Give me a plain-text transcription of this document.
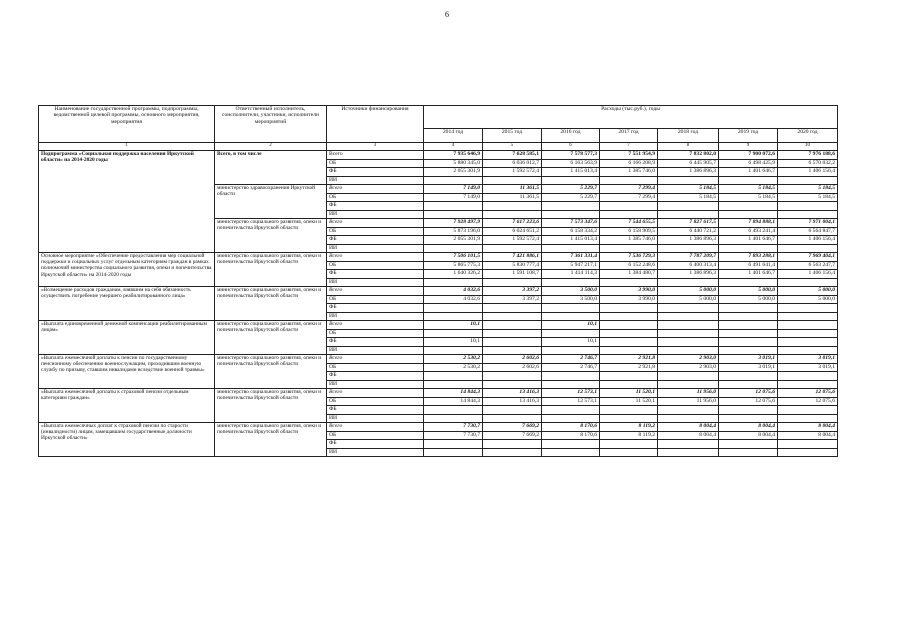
6
Наименование государственной программы, подпрограммы, ведомственной целевой программы, основного мероприятия, мероприятия	Ответственный исполнитель, соисполнители, участники, исполнители мероприятий	Источники финансирования	Расходы (тыс.руб.), годы						
			2014 год	2015 год	2016 год	2017 год	2018 год	2019 год	2020 год
1	2	3	4	5	6	7	8	9	10
Подпрограмма «Социальная поддержка населения Иркутской области» на 2014-2020 годы	Всего, в том числе	Всего	7 935 646,9	7 628 585,1	7 578 577,3	7 551 954,9	7 832 802,0	7 900 072,6	7 976 188,6
		ОБ	5 880 345,0	6 036 012,7	6 163 563,9	6 166 208,9	6 445 905,7	6 498 425,9	6 570 032,2
		ФБ	2 055 301,9	1 592 572,4	1 415 013,4	1 385 746,0	1 386 896,3	1 401 646,7	1 406 156,4
		ИИ							
	министерство здравоохранения Иркутской области	Всего	7 149,0	11 361,5	5 229,7	7 299,4	5 184,5	5 184,5	5 184,5
		ОБ	7 149,0	11 361,5	5 229,7	7 299,4	5 184,5	5 184,5	5 184,5
		ФБ							
		ИИ							
	министерство социального развития, опеки и попечительства Иркутской области	Всего	7 928 497,9	7 617 223,6	7 573 347,6	7 544 655,5	7 827 617,5	7 894 888,1	7 971 004,1
		ОБ	5 873 196,0	6 024 651,2	6 158 334,2	6 158 909,5	6 440 721,2	6 493 241,4	6 564 847,7
		ФБ	2 055 301,9	1 592 572,4	1 415 013,4	1 385 746,0	1 386 896,3	1 401 646,7	1 406 156,4
		ИИ							
Основное мероприятие «Обеспечение предоставления мер социальной поддержки и социальных услуг отдельным категориям граждан в рамках полномочий министерства социального развития, опеки и попечительства Иркутской области» на 2014-2020 годы	министерство социального развития, опеки и попечительства Иркутской области	Всего	7 506 101,5	7 421 886,1	7 361 331,4	7 536 729,3	7 787 209,7	7 893 288,1	7 969 404,1
		ОБ	5 865 775,3	5 830 777,4	5 947 217,1	6 152 248,6	6 400 313,4	6 491 641,4	6 563 247,7
		ФБ	1 640 326,2	1 591 108,7	1 414 114,3	1 384 480,7	1 386 896,3	1 401 646,7	1 406 156,4
		ИИ							
«Возмещение расходов гражданам, взявшим на себя обязанность осуществить погребение умершего реабилитированного лица»	министерство социального развития, опеки и попечительства Иркутской области	Всего	4 032,6	3 397,2	3 500,0	3 990,0	5 000,0	5 000,0	5 000,0
		ОБ	4 032,6	3 397,2	3 500,0	3 990,0	5 000,0	5 000,0	5 000,0
		ФБ							
		ИИ							
«Выплата единовременной денежной компенсации реабилитированным лицам»	министерство социального развития, опеки и попечительства Иркутской области	Всего	10,1		10,1				
		ОБ							
		ФБ	10,1		10,1				
		ИИ							
«Выплата ежемесячной доплаты к пенсии по государственному пенсионному обеспечению военнослужащим, проходившим военную службу по призыву, ставшим инвалидами вследствие военной травмы»	министерство социального развития, опеки и попечительства Иркутской области	Всего	2 530,2	2 602,6	2 746,7	2 921,8	2 903,0	3 019,1	3 019,1
		ОБ	2 530,2	2 602,6	2 746,7	2 921,8	2 903,0	3 019,1	3 019,1
		ФБ							
		ИИ							
«Выплата ежемесячной доплаты к страховой пенсии отдельным категориям граждан»	министерство социального развития, опеки и попечительства Иркутской области	Всего	14 844,3	13 416,3	12 573,1	11 520,1	11 956,0	12 075,6	12 075,6
		ОБ	14 844,3	13 416,3	12 573,1	11 520,1	11 956,0	12 075,6	12 075,6
		ФБ							
		ИИ							
«Выплата ежемесячных доплат к страховой пенсии по старости (инвалидности) лицам, замещавшим государственные должности Иркутской области»	министерство социального развития, опеки и попечительства Иркутской области	Всего	7 730,7	7 669,2	8 170,6	8 119,2	8 004,4	8 004,4	8 004,4
		ОБ	7 730,7	7 669,2	8 170,6	8 119,2	8 004,4	8 004,4	8 004,4
		ФБ							
		ИИ							
